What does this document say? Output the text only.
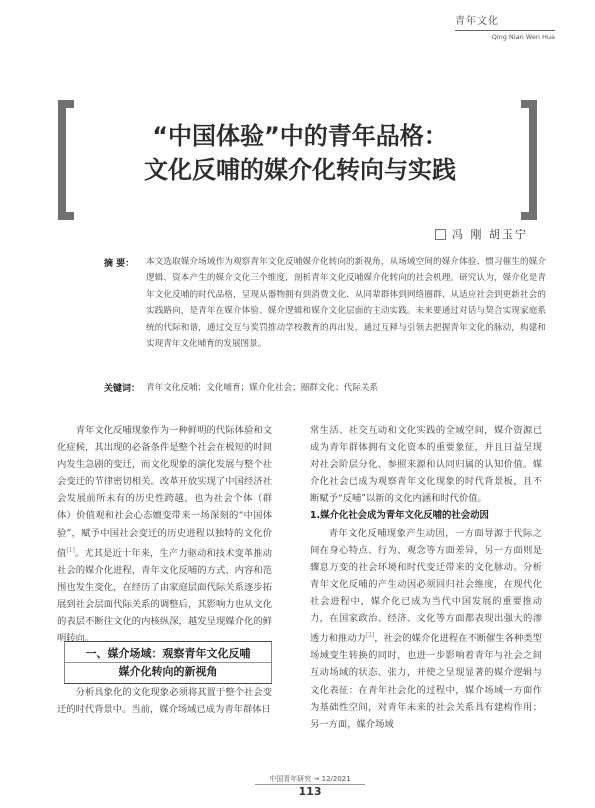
青年文化
Qing Nian Wen Hua
“中国体验”中的青年品格：
文化反哺的媒介化转向与实践
冯 刚 胡玉宁
摘 要： 本文选取媒介场域作为观察青年文化反哺媒介化转向的新视角，从场域空间的媒介体验、惯习催生的媒介逻辑、资本产生的媒介文化三个维度，剖析青年文化反哺媒介化转向的社会机理。研究认为，媒介化是青年文化反哺的时代品格，呈现从器物拥有到消费文化、从同辈群体到网络圈群、从适应社会到更新社会的实践路向，是青年在媒介体验、媒介逻辑和媒介文化层面的主动实践。未来要通过对话与契合实现家庭系统的代际和谐，通过交互与奖罚推动学校教育的再出发，通过互释与引领去把握青年文化的脉动，构建和实现青年文化哺育的发展图景。
关键词： 青年文化反哺；文化哺育；媒介化社会；圈群文化；代际关系

青年文化反哺现象作为一种鲜明的代际体验和文化症候，其出现的必备条件是整个社会在极短的时间内发生急剧的变迁，而文化现象的演化发展与整个社会变迁的节律密切相关。改革开放实现了中国经济社会发展前所未有的历史性跨越，也为社会个体（群体）价值观和社会心态嬗变带来一场深刻的“中国体验”，赋予中国社会变迁的历史进程以独特的文化价值[1]。尤其是近十年来，生产力驱动和技术变革推动社会的媒介化进程，青年文化反哺的方式、内容和范围也发生变化，在经历了由家庭层面代际关系逐步拓展到社会层面代际关系的调整后，其影响力也从文化的表层不断往文化的内核纵深，越发呈现媒介化的鲜明转向。

一、媒介场域：观察青年文化反哺
媒介化转向的新视角

分析具象化的文化现象必须将其置于整个社会变迁的时代背景中。当前，媒介场域已成为青年群体日

常生活、社交互动和文化实践的全域空间，媒介资源已成为青年群体拥有文化资本的重要象征，并且日益呈现对社会阶层分化、参照来源和认同归属的认知价值。媒介化社会已成为观察青年文化现象的时代背景板，且不断赋予“反哺”以新的文化内涵和时代价值。

1.媒介化社会成为青年文化反哺的社会动因

青年文化反哺现象产生动因，一方面导源于代际之间在身心特点、行为、观念等方面差异，另一方面则是骤息万变的社会环境和时代变迁带来的文化脉动。分析青年文化反哺的产生动因必须回归社会维度，在现代化社会进程中，媒介化已成为当代中国发展的重要推动力，在国家政治、经济、文化等方面都表现出强大的渗透力和推动力[2]，社会的媒介化进程在不断催生各种类型场域变生转换的同时，也进一步影响着青年与社会之间互动场域的状态、张力，并使之呈现显著的媒介逻辑与文化表征：在青年社会化的过程中，媒介场域一方面作为基础性空间，对青年未来的社会关系具有建构作用；另一方面，媒介场域

中国青年研究 → 12/2021
113
